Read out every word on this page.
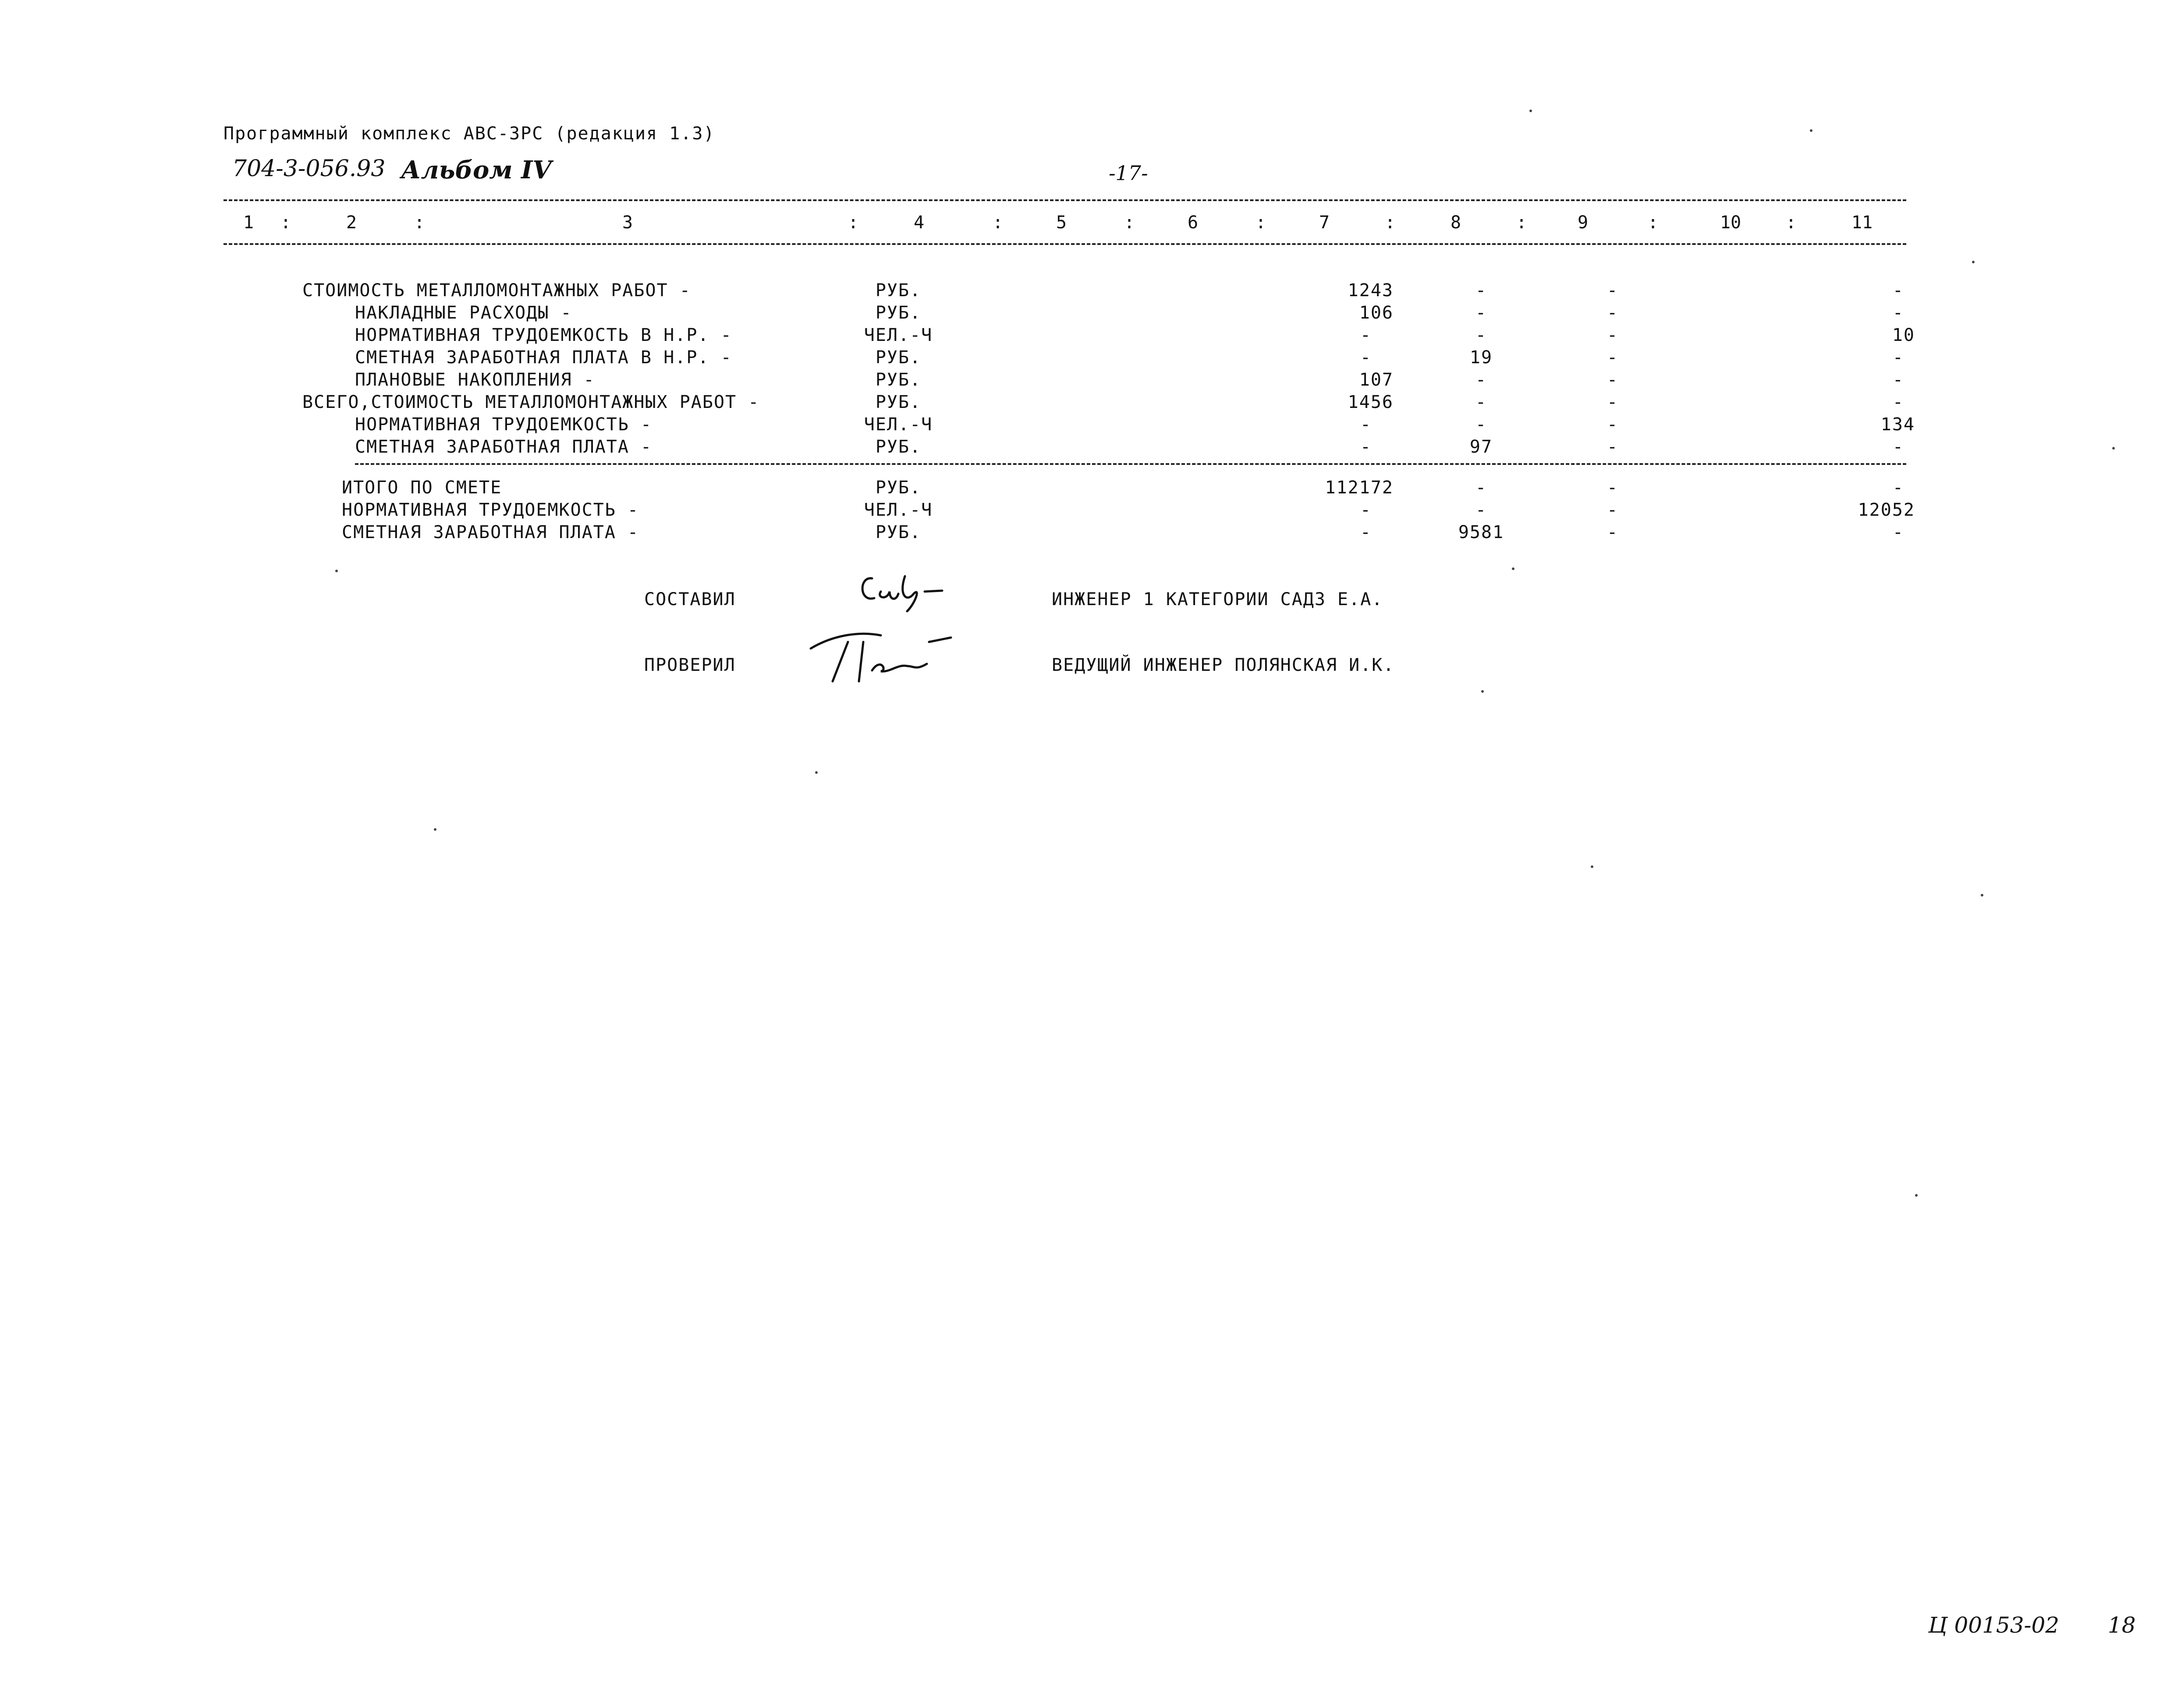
Программный комплекс АВС-ЗРС (редакция 1.3)
704-3-056.93 Альбом IV	-17-
1	2	3	4	5	6	7	8	9	10	11
:	:	:	:	:	:	:	:	:	:
СТОИМОСТЬ МЕТАЛЛОМОНТАЖНЫХ РАБОТ -	РУБ.	1243	-	-	-
НАКЛАДНЫЕ РАСХОДЫ -	РУБ.	106	-	-	-
НОРМАТИВНАЯ ТРУДОЕМКОСТЬ В Н.Р. -	ЧЕЛ.-Ч	-	-	-	10
СМЕТНАЯ ЗАРАБОТНАЯ ПЛАТА В Н.Р. -	РУБ.	-	19	-	-
ПЛАНОВЫЕ НАКОПЛЕНИЯ -	РУБ.	107	-	-	-
ВСЕГО,СТОИМОСТЬ МЕТАЛЛОМОНТАЖНЫХ РАБОТ -	РУБ.	1456	-	-	-
НОРМАТИВНАЯ ТРУДОЕМКОСТЬ -	ЧЕЛ.-Ч	-	-	-	134
СМЕТНАЯ ЗАРАБОТНАЯ ПЛАТА -	РУБ.	-	97	-	-
ИТОГО ПО СМЕТЕ	РУБ.	112172	-	-	-
НОРМАТИВНАЯ ТРУДОЕМКОСТЬ -	ЧЕЛ.-Ч	-	-	-	12052
СМЕТНАЯ ЗАРАБОТНАЯ ПЛАТА -	РУБ.	-	9581	-	-
СОСТАВИЛ	ИНЖЕНЕР 1 КАТЕГОРИИ САДЗ Е.А.
ПРОВЕРИЛ	ВЕДУЩИЙ ИНЖЕНЕР ПОЛЯНСКАЯ И.К.
Ц 00153-02 18
